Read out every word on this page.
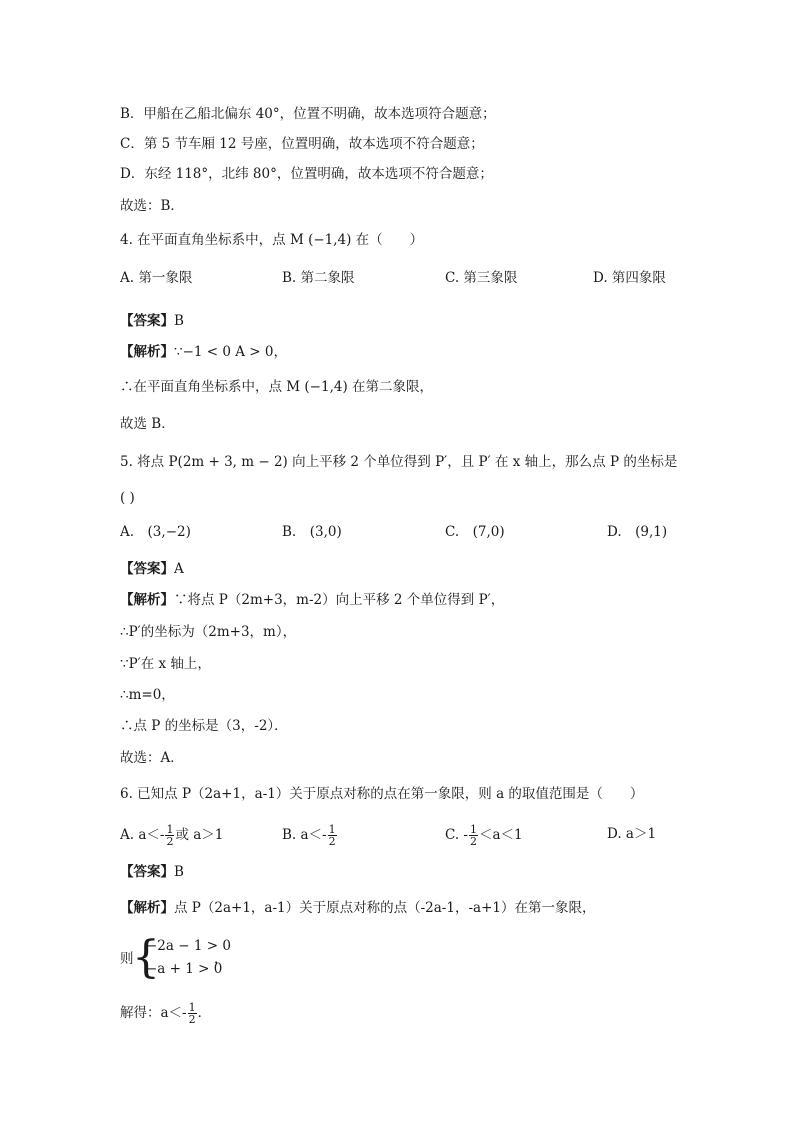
B．甲船在乙船北偏东 40°，位置不明确，故本选项符合题意；
C．第 5 节车厢 12 号座，位置明确，故本选项不符合题意；
D．东经 118°，北纬 80°，位置明确，故本选项不符合题意；
故选：B．
4. 在平面直角坐标系中，点 M (−1,4) 在（　　）
A. 第一象限	B. 第二象限	C. 第三象限	D. 第四象限
【答案】B
【解析】∵−1 < 0 A > 0，
∴在平面直角坐标系中，点 M (−1,4) 在第二象限，
故选 B．
5. 将点 P(2m + 3, m − 2) 向上平移 2 个单位得到 P′，且 P′ 在 x 轴上，那么点 P 的坐标是
( )
A.　(3,−2)	B.　(3,0)	C.　(7,0)	D.　(9,1)
【答案】A
【解析】∵将点 P（2m+3，m-2）向上平移 2 个单位得到 P′，
∴P′的坐标为（2m+3，m），
∵P′在 x 轴上，
∴m=0，
∴点 P 的坐标是（3，-2）．
故选：A．
6. 已知点 P（2a+1，a-1）关于原点对称的点在第一象限，则 a 的取值范围是（　　）
A. $a<- \frac{1}{2}$ 或 a＞1	B. $a<- \frac{1}{2}$	C. - $\frac{1}{2} <a<1$	D. a＞1
【答案】B
【解析】点 P（2a+1，a-1）关于原点对称的点（-2a-1，-a+1）在第一象限，
则
{
−2a − 1 > 0
−a + 1 > 0
，
解得：$a<- \frac{1}{2}$ ．
